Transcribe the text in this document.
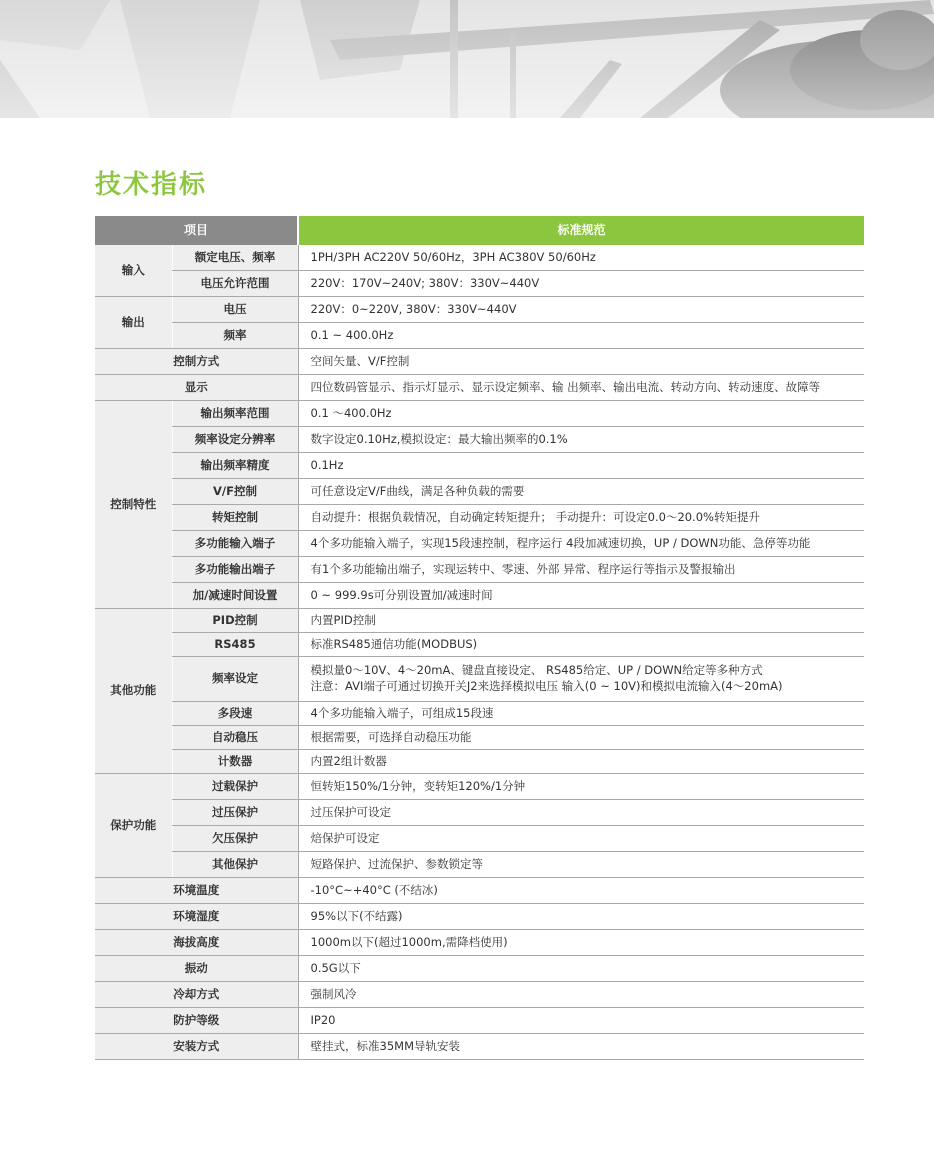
技术指标
项目		标准规范
输入	额定电压、频率	1PH/3PH AC220V 50/60Hz，3PH AC380V 50/60Hz

	电压允许范围	220V：170V~240V; 380V：330V~440V

输出	电压	220V：0~220V, 380V：330V~440V

	频率	0.1 ~ 400.0Hz

控制方式		空间矢量、V/F控制

显示		四位数码管显示、指示灯显示、显示设定频率、输 出频率、输出电流、转动方向、转动速度、故障等

控制特性	输出频率范围	0.1 ～400.0Hz

	频率设定分辨率	数字设定0.10Hz,模拟设定：最大输出频率的0.1%

	输出频率精度	0.1Hz

	V/F控制	可任意设定V/F曲线，满足各种负载的需要

	转矩控制	自动提升：根据负载情况，自动确定转矩提升； 手动提升：可设定0.0～20.0%转矩提升

	多功能输入端子	4个多功能输入端子，实现15段速控制，程序运行 4段加减速切换，UP / DOWN功能、急停等功能

	多功能输出端子	有1个多功能输出端子，实现运转中、零速、外部 异常、程序运行等指示及警报输出

	加/减速时间设置	0 ~ 999.9s可分别设置加/减速时间

其他功能	PID控制	内置PID控制

	RS485	标准RS485通信功能(MODBUS)

	频率设定	模拟量0～10V、4～20mA、键盘直接设定、 RS485给定、UP / DOWN给定等多种方式
注意：AVI端子可通过切换开关J2来选择模拟电压 输入(0 ~ 10V)和模拟电流输入(4～20mA)

	多段速	4个多功能输入端子，可组成15段速

	自动稳压	根据需要，可选择自动稳压功能

	计数器	内置2组计数器

保护功能	过载保护	恒转矩150%/1分钟，变转矩120%/1分钟

	过压保护	过压保护可设定

	欠压保护	焙保护可设定

	其他保护	短路保护、过流保护、参数锁定等

环境温度		-10°C~+40°C (不结冰)

环境湿度		95%以下(不结露)

海拔高度		1000m以下(超过1000m,需降档使用)

振动		0.5G以下

冷却方式		强制风冷

防护等级		IP20

安装方式		壁挂式，标准35MM导轨安装
